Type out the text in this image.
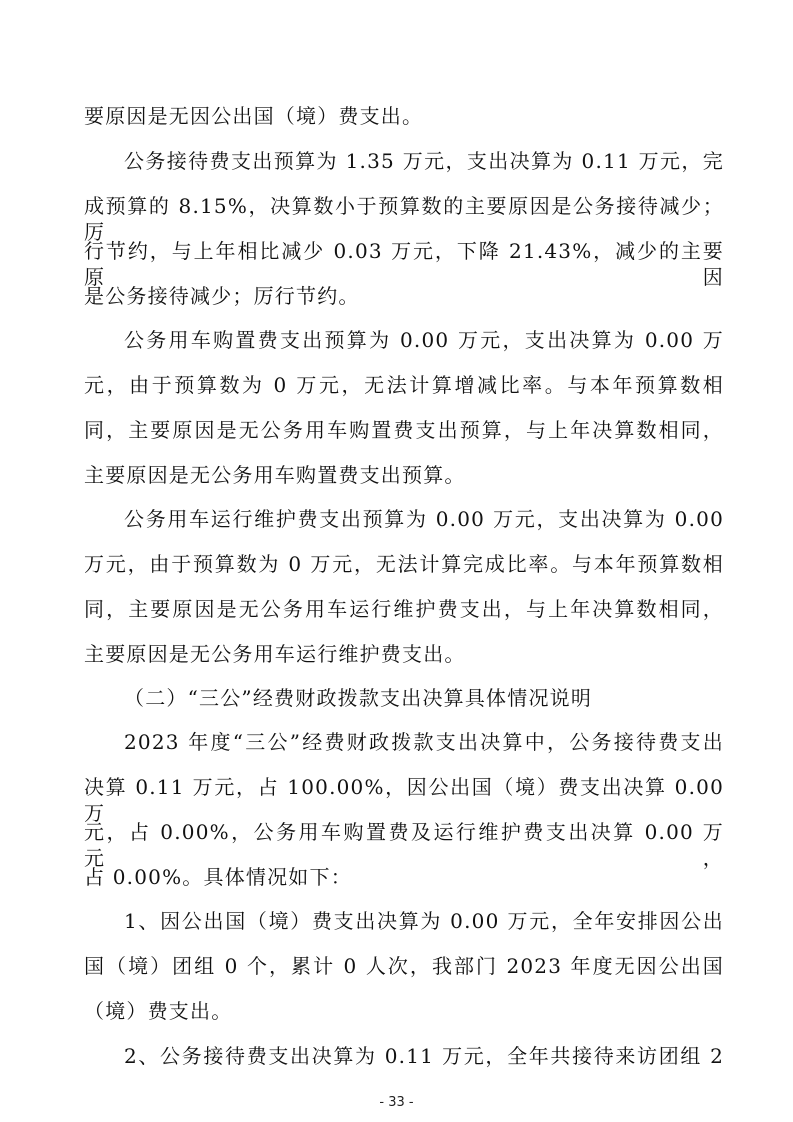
要原因是无因公出国（境）费支出。
公务接待费支出预算为 1.35 万元，支出决算为 0.11 万元，完
成预算的 8.15%，决算数小于预算数的主要原因是公务接待减少；厉
行节约，与上年相比减少 0.03 万元，下降 21.43%，减少的主要原因
是公务接待减少；厉行节约。
公务用车购置费支出预算为 0.00 万元，支出决算为 0.00 万
元，由于预算数为 0 万元，无法计算增减比率。与本年预算数相
同，主要原因是无公务用车购置费支出预算，与上年决算数相同，
主要原因是无公务用车购置费支出预算。
公务用车运行维护费支出预算为 0.00 万元，支出决算为 0.00
万元，由于预算数为 0 万元，无法计算完成比率。与本年预算数相
同，主要原因是无公务用车运行维护费支出，与上年决算数相同，
主要原因是无公务用车运行维护费支出。
（二）“三公”经费财政拨款支出决算具体情况说明
2023 年度“三公”经费财政拨款支出决算中，公务接待费支出
决算 0.11 万元，占 100.00%，因公出国（境）费支出决算 0.00 万
元，占 0.00%，公务用车购置费及运行维护费支出决算 0.00 万元，
占 0.00%。具体情况如下：
1、因公出国（境）费支出决算为 0.00 万元，全年安排因公出
国（境）团组 0 个，累计 0 人次，我部门 2023 年度无因公出国
（境）费支出。
2、公务接待费支出决算为 0.11 万元，全年共接待来访团组 2
- 33 -
